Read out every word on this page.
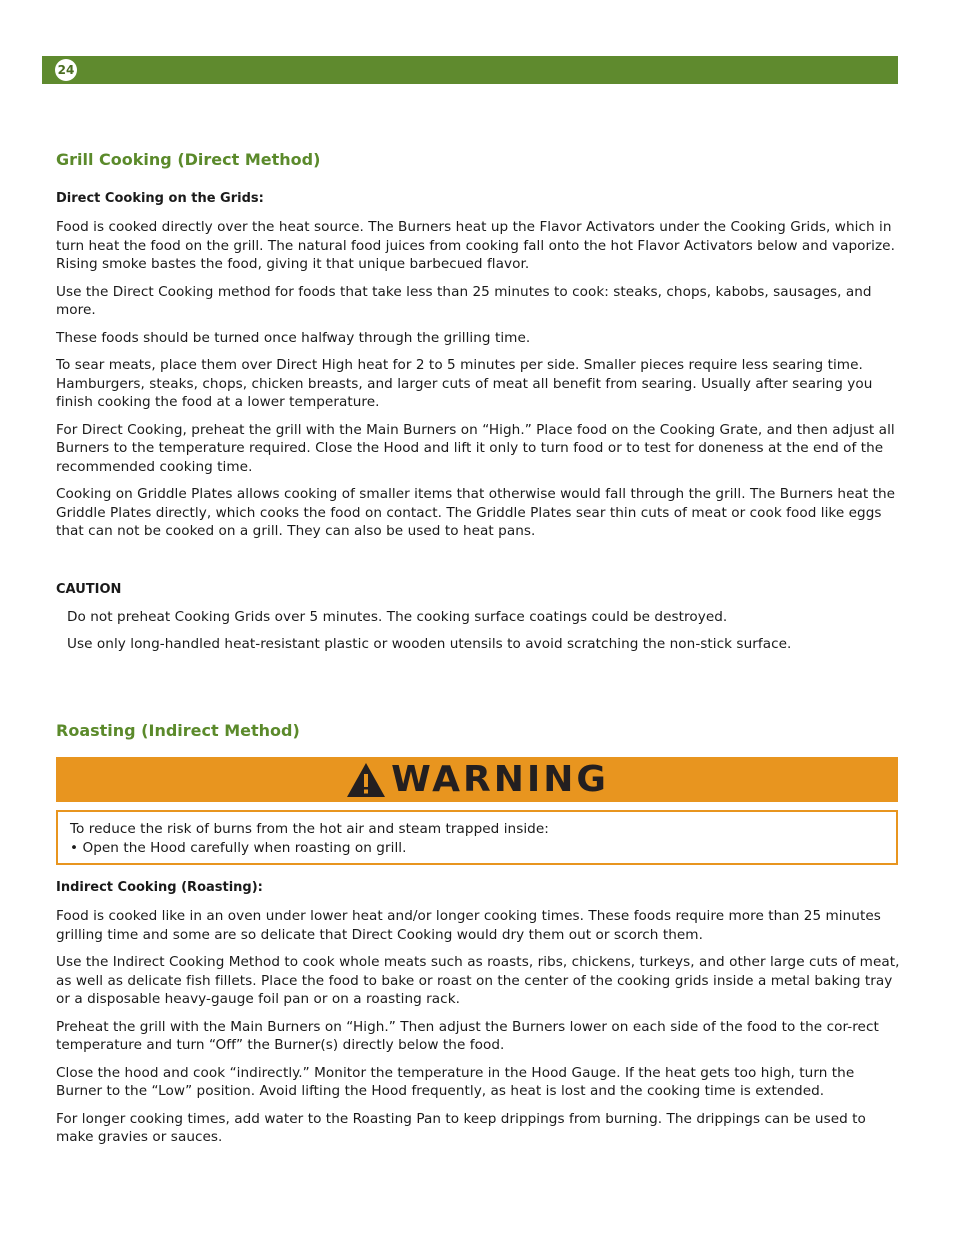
24
Grill Cooking (Direct Method)
Direct Cooking on the Grids:

Food is cooked directly over the heat source. The Burners heat up the Flavor Activators under the Cooking Grids, which in turn heat the food on the grill. The natural food juices from cooking fall onto the hot Flavor Activators below and vaporize. Rising smoke bastes the food, giving it that unique barbecued flavor.

Use the Direct Cooking method for foods that take less than 25 minutes to cook: steaks, chops, kabobs, sausages, and more.

These foods should be turned once halfway through the grilling time.

To sear meats, place them over Direct High heat for 2 to 5 minutes per side. Smaller pieces require less searing time. Hamburgers, steaks, chops, chicken breasts, and larger cuts of meat all benefit from searing. Usually after searing you finish cooking the food at a lower temperature.

For Direct Cooking, preheat the grill with the Main Burners on “High.” Place food on the Cooking Grate, and then adjust all Burners to the temperature required. Close the Hood and lift it only to turn food or to test for doneness at the end of the recommended cooking time.

Cooking on Griddle Plates allows cooking of smaller items that otherwise would fall through the grill. The Burners heat the Griddle Plates directly, which cooks the food on contact. The Griddle Plates sear thin cuts of meat or cook food like eggs that can not be cooked on a grill. They can also be used to heat pans.

CAUTION

Do not preheat Cooking Grids over 5 minutes. The cooking surface coatings could be destroyed.

Use only long-handled heat-resistant plastic or wooden utensils to avoid scratching the non-stick surface.

Roasting (Indirect Method)
WARNING

To reduce the risk of burns from the hot air and steam trapped inside:

• Open the Hood carefully when roasting on grill.

Indirect Cooking (Roasting):

Food is cooked like in an oven under lower heat and/or longer cooking times. These foods require more than 25 minutes grilling time and some are so delicate that Direct Cooking would dry them out or scorch them.

Use the Indirect Cooking Method to cook whole meats such as roasts, ribs, chickens, turkeys, and other large cuts of meat, as well as delicate fish fillets. Place the food to bake or roast on the center of the cooking grids inside a metal baking tray or a disposable heavy-gauge foil pan or on a roasting rack.

Preheat the grill with the Main Burners on “High.” Then adjust the Burners lower on each side of the food to the cor-rect temperature and turn “Off” the Burner(s) directly below the food.

Close the hood and cook “indirectly.” Monitor the temperature in the Hood Gauge. If the heat gets too high, turn the Burner to the “Low” position. Avoid lifting the Hood frequently, as heat is lost and the cooking time is extended.

For longer cooking times, add water to the Roasting Pan to keep drippings from burning. The drippings can be used to make gravies or sauces.
